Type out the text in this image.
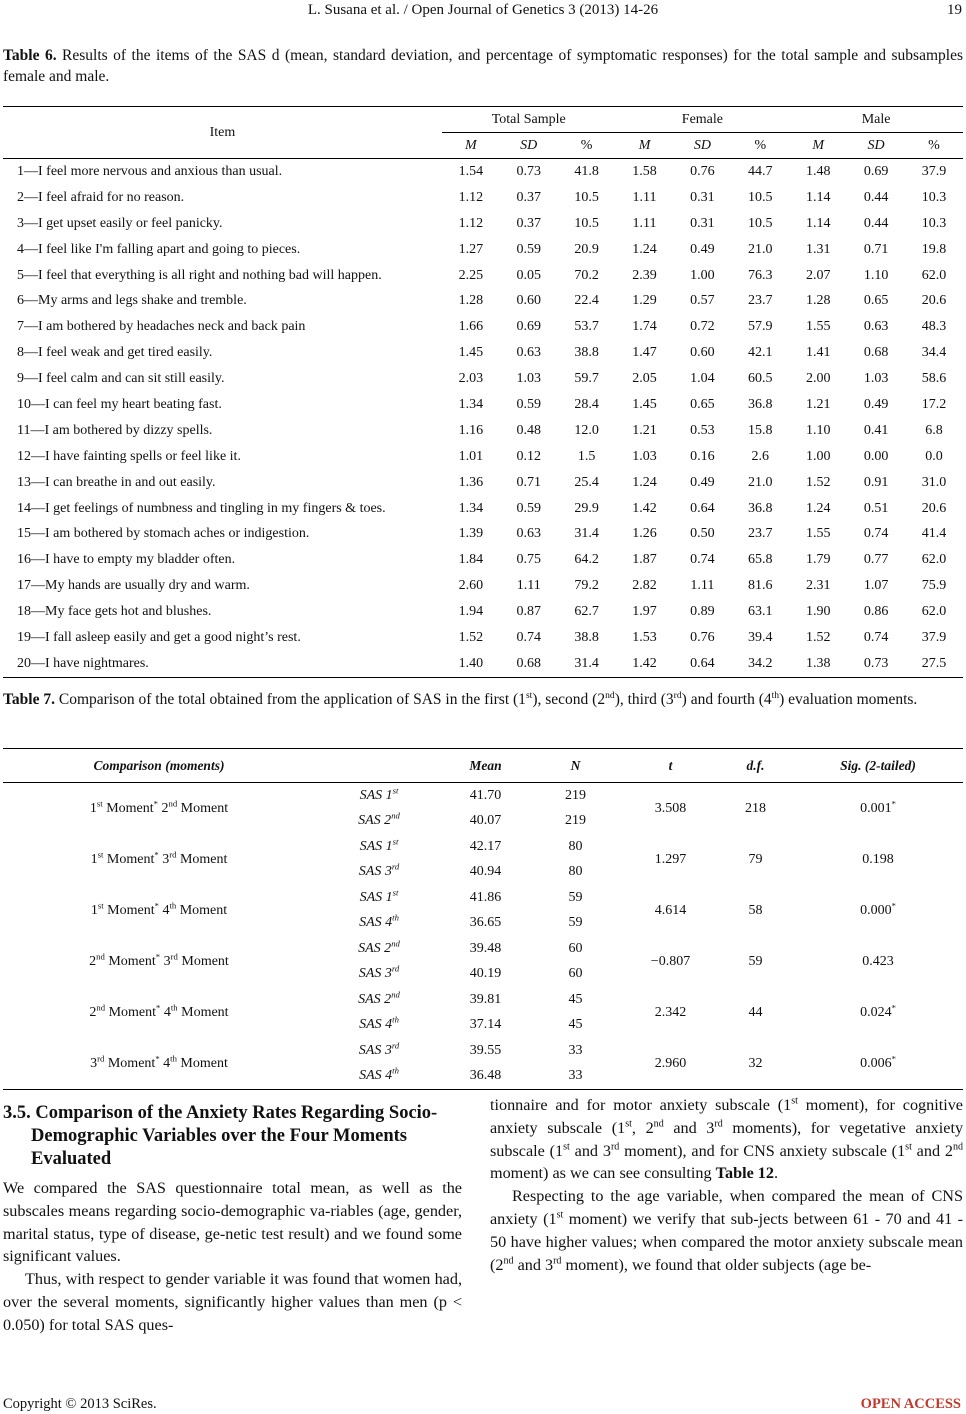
L. Susana et al. / Open Journal of Genetics 3 (2013) 14-26	19
Table 6. Results of the items of the SAS d (mean, standard deviation, and percentage of symptomatic responses) for the total sample and subsamples female and male.
Item	Total Sample			Female			Male		
	M	SD	%	M	SD	%	M	SD	%
1—I feel more nervous and anxious than usual.	1.54	0.73	41.8	1.58	0.76	44.7	1.48	0.69	37.9
2—I feel afraid for no reason.	1.12	0.37	10.5	1.11	0.31	10.5	1.14	0.44	10.3
3—I get upset easily or feel panicky.	1.12	0.37	10.5	1.11	0.31	10.5	1.14	0.44	10.3
4—I feel like I'm falling apart and going to pieces.	1.27	0.59	20.9	1.24	0.49	21.0	1.31	0.71	19.8
5—I feel that everything is all right and nothing bad will happen.	2.25	0.05	70.2	2.39	1.00	76.3	2.07	1.10	62.0
6—My arms and legs shake and tremble.	1.28	0.60	22.4	1.29	0.57	23.7	1.28	0.65	20.6
7—I am bothered by headaches neck and back pain	1.66	0.69	53.7	1.74	0.72	57.9	1.55	0.63	48.3
8—I feel weak and get tired easily.	1.45	0.63	38.8	1.47	0.60	42.1	1.41	0.68	34.4
9—I feel calm and can sit still easily.	2.03	1.03	59.7	2.05	1.04	60.5	2.00	1.03	58.6
10—I can feel my heart beating fast.	1.34	0.59	28.4	1.45	0.65	36.8	1.21	0.49	17.2
11—I am bothered by dizzy spells.	1.16	0.48	12.0	1.21	0.53	15.8	1.10	0.41	6.8
12—I have fainting spells or feel like it.	1.01	0.12	1.5	1.03	0.16	2.6	1.00	0.00	0.0
13—I can breathe in and out easily.	1.36	0.71	25.4	1.24	0.49	21.0	1.52	0.91	31.0
14—I get feelings of numbness and tingling in my fingers & toes.	1.34	0.59	29.9	1.42	0.64	36.8	1.24	0.51	20.6
15—I am bothered by stomach aches or indigestion.	1.39	0.63	31.4	1.26	0.50	23.7	1.55	0.74	41.4
16—I have to empty my bladder often.	1.84	0.75	64.2	1.87	0.74	65.8	1.79	0.77	62.0
17—My hands are usually dry and warm.	2.60	1.11	79.2	2.82	1.11	81.6	2.31	1.07	75.9
18—My face gets hot and blushes.	1.94	0.87	62.7	1.97	0.89	63.1	1.90	0.86	62.0
19—I fall asleep easily and get a good night’s rest.	1.52	0.74	38.8	1.53	0.76	39.4	1.52	0.74	37.9
20—I have nightmares.	1.40	0.68	31.4	1.42	0.64	34.2	1.38	0.73	27.5
Table 7. Comparison of the total obtained from the application of SAS in the first (1st), second (2nd), third (3rd) and fourth (4th) evaluation moments.
Comparison (moments)		Mean	N	t	d.f.	Sig. (2-tailed)
1st Moment* 2nd Moment	SAS 1st	41.70	219	3.508	218	0.001*
	SAS 2nd	40.07	219			
1st Moment* 3rd Moment	SAS 1st	42.17	80	1.297	79	0.198
	SAS 3rd	40.94	80			
1st Moment* 4th Moment	SAS 1st	41.86	59	4.614	58	0.000*
	SAS 4th	36.65	59			
2nd Moment* 3rd Moment	SAS 2nd	39.48	60	−0.807	59	0.423
	SAS 3rd	40.19	60			
2nd Moment* 4th Moment	SAS 2nd	39.81	45	2.342	44	0.024*
	SAS 4th	37.14	45			
3rd Moment* 4th Moment	SAS 3rd	39.55	33	2.960	32	0.006*
	SAS 4th	36.48	33			
3.5. Comparison of the Anxiety Rates Regarding Socio-Demographic Variables over the Four Moments Evaluated

We compared the SAS questionnaire total mean, as well as the subscales means regarding socio-demographic va-riables (age, gender, marital status, type of disease, ge-netic test result) and we found some significant values.

Thus, with respect to gender variable it was found that women had, over the several moments, significantly higher values than men (p < 0.050) for total SAS ques-

tionnaire and for motor anxiety subscale (1st moment), for cognitive anxiety subscale (1st, 2nd and 3rd moments), for vegetative anxiety subscale (1st and 3rd moment), and for CNS anxiety subscale (1st and 2nd moment) as we can see consulting Table 12.

Respecting to the age variable, when compared the mean of CNS anxiety (1st moment) we verify that sub-jects between 61 - 70 and 41 - 50 have higher values; when compared the motor anxiety subscale mean (2nd and 3rd moment), we found that older subjects (age be-

Copyright © 2013 SciRes.	OPEN ACCESS
